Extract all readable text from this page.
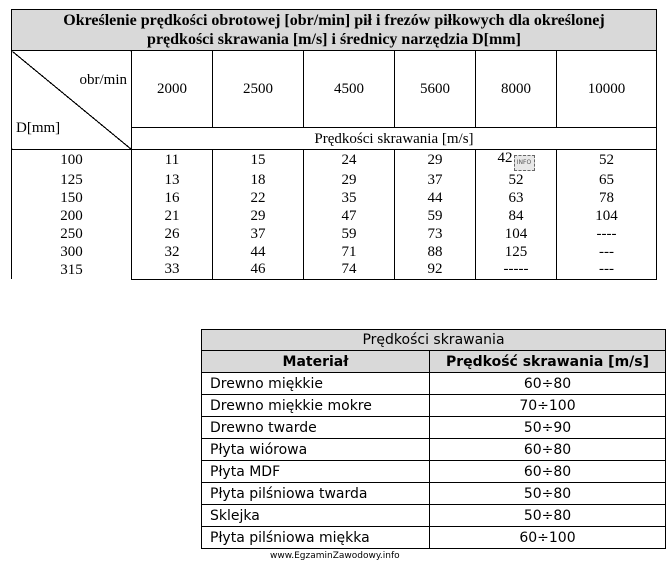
Określenie prędkości obrotowej [obr/min] pił i frezów piłkowych dla określonej
prędkości skrawania [m/s] i średnicy narzędzia D[mm]						

obr/min
D[mm]	2000	2500	4500	5600	8000	10000
	Prędkości skrawania [m/s]					
100	11	15	24	29	42 INFO	52
125	13	18	29	37	52	65
150	16	22	35	44	63	78
200	21	29	47	59	84	104
250	26	37	59	73	104	----
300	32	44	71	88	125	---
315	33	46	74	92	-----	---
Prędkości skrawania	
Materiał	Prędkość skrawania [m/s]
Drewno miękkie	60÷80
Drewno miękkie mokre	70÷100
Drewno twarde	50÷90
Płyta wiórowa	60÷80
Płyta MDF	60÷80
Płyta pilśniowa twarda	50÷80
Sklejka	50÷80
Płyta pilśniowa miękka	60÷100
www.EgzaminZawodowy.info
